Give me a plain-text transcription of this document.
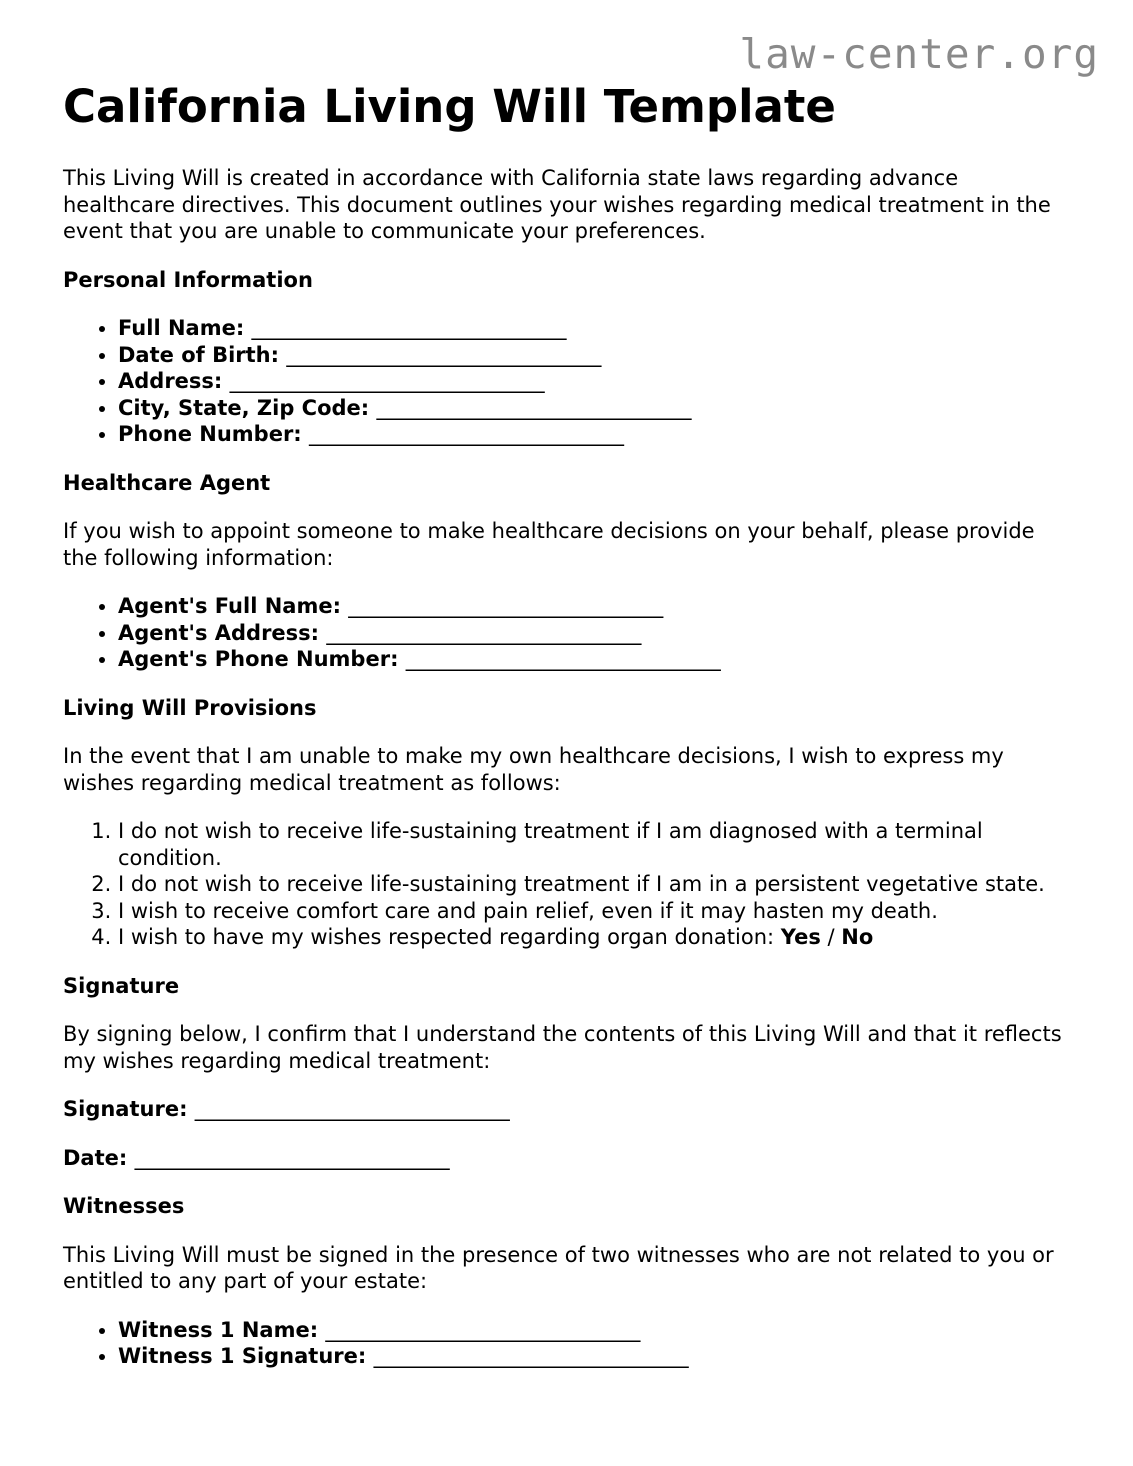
law-center.org
California Living Will Template

This Living Will is created in accordance with California state laws regarding advance healthcare directives. This document outlines your wishes regarding medical treatment in the event that you are unable to communicate your preferences.

Personal Information
• Full Name: ______________________________
• Date of Birth: ______________________________
• Address: ______________________________
• City, State, Zip Code: ______________________________
• Phone Number: ______________________________
Healthcare Agent

If you wish to appoint someone to make healthcare decisions on your behalf, please provide the following information:

• Agent's Full Name: ______________________________
• Agent's Address: ______________________________
• Agent's Phone Number: ______________________________
Living Will Provisions

In the event that I am unable to make my own healthcare decisions, I wish to express my wishes regarding medical treatment as follows:

1. I do not wish to receive life-sustaining treatment if I am diagnosed with a terminal condition.
2. I do not wish to receive life-sustaining treatment if I am in a persistent vegetative state.
3. I wish to receive comfort care and pain relief, even if it may hasten my death.
4. I wish to have my wishes respected regarding organ donation: Yes / No
Signature

By signing below, I confirm that I understand the contents of this Living Will and that it reflects my wishes regarding medical treatment:

Signature: ______________________________
Date: ______________________________
Witnesses

This Living Will must be signed in the presence of two witnesses who are not related to you or entitled to any part of your estate:

• Witness 1 Name: ______________________________
• Witness 1 Signature: ______________________________
